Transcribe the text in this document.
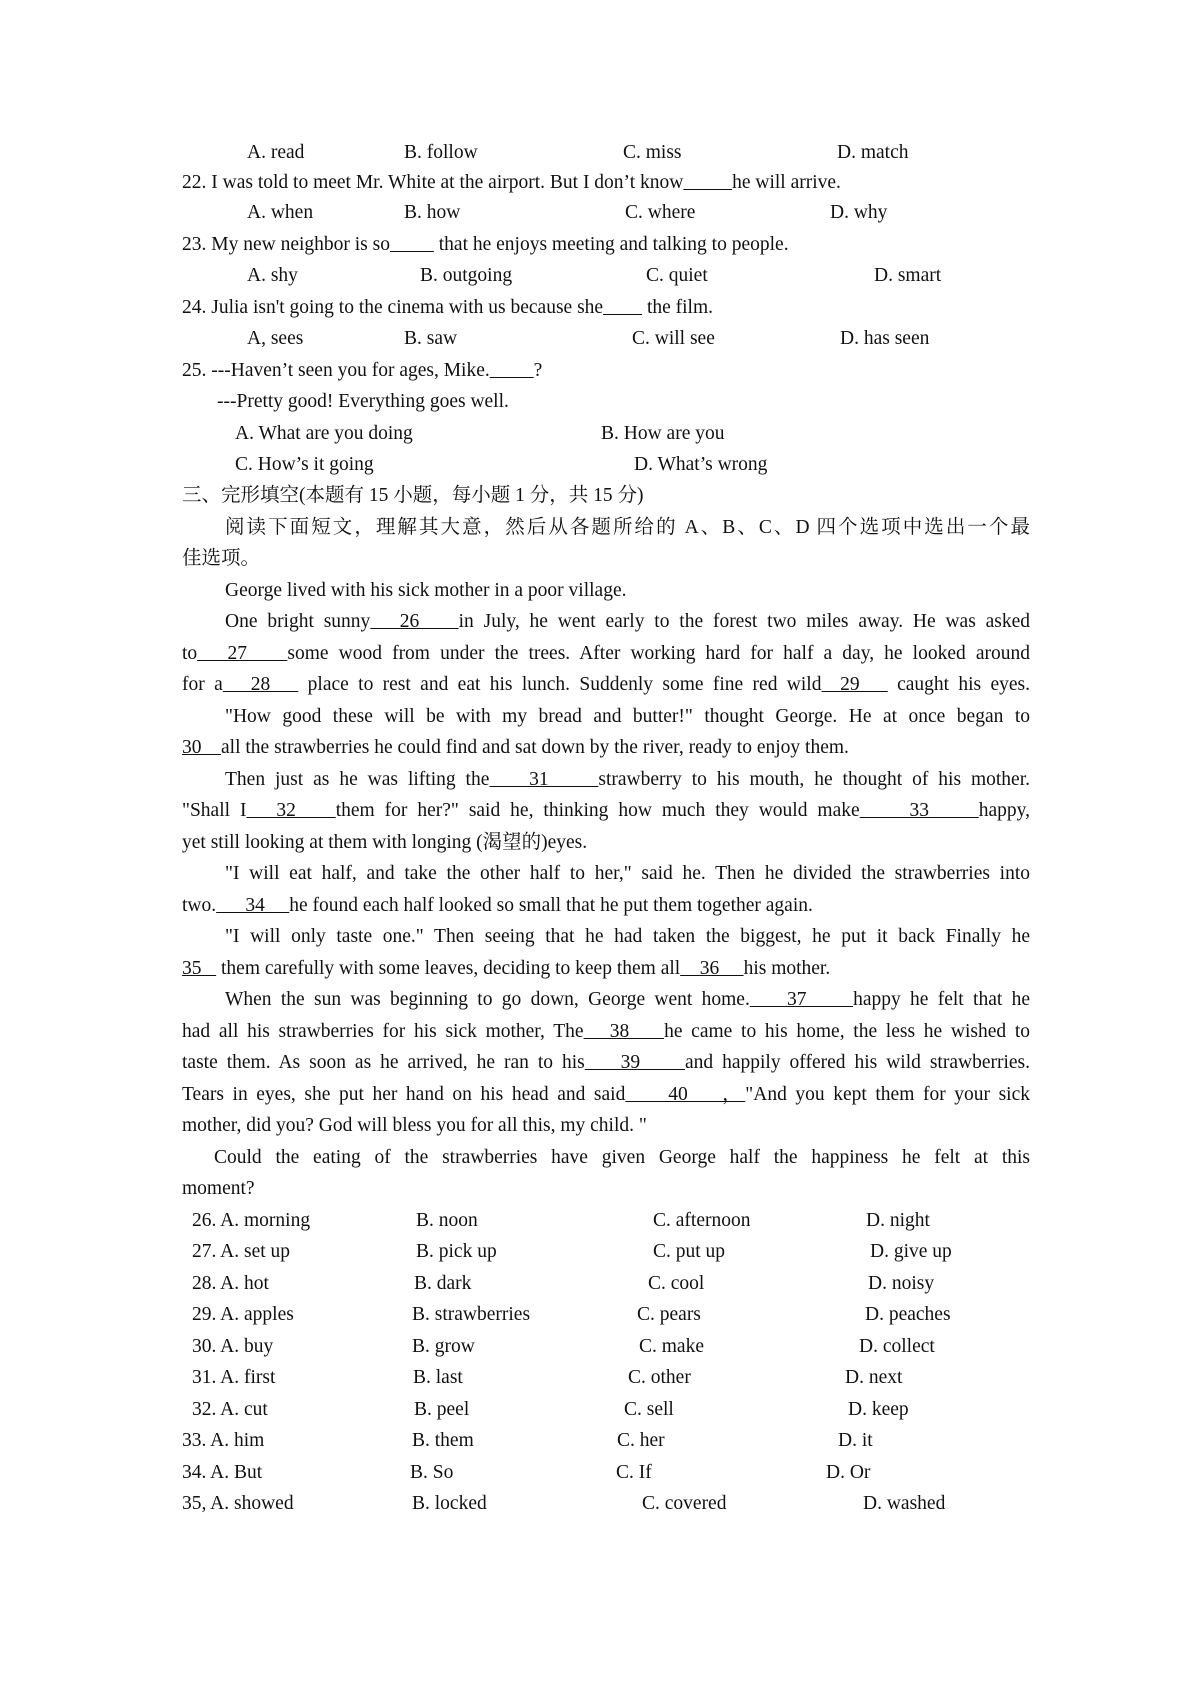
A. read	B. follow	C. miss	D. match
22. I was told to meet Mr. White at the airport. But I don’t know	he will arrive.
A. when	B. how	C. where	D. why
23. My new neighbor is so          that he enjoys meeting and talking to people.
A. shy	B. outgoing	C. quiet	D. smart
24. Julia isn't going to the cinema with us because she         the film.
A, sees	B. saw	C. will see	D. has seen
25. ---Haven’t seen you for ages, Mike. ?
---Pretty good! Everything goes well.
A. What are you doing	B. How are you
C. How’s it going	D. What’s wrong
三、完形填空(本题有 15 小题，每小题 1 分，共 15 分)
阅读下面短文，理解其大意，然后从各题所给的 A、B、C、D 四个选项中选出一个最
佳选项。
George lived with his sick mother in a poor village.
One bright sunny   26    in July, he went early to the forest two miles away. He was asked
to   27    some wood from under the trees. After working hard for half a day, he looked around
for a   28    place to rest and eat his lunch. Suddenly some fine red wild  29    caught his eyes.
"How good these will be with my bread and butter!" thought George. He at once began to
30    all the strawberries he could find and sat down by the river, ready to enjoy them.
Then just as he was lifting the    31     strawberry to his mouth, he thought of his mother.
"Shall I   32    them for her?" said he, thinking how much they would make     33     happy,
yet still looking at them with longing (渴望的)eyes.
"I will eat half, and take the other half to her," said he. Then he divided the strawberries into
two.      34     he found each half looked so small that he put them together again.
"I will only taste one." Then seeing that he had taken the biggest, he put it back Finally he
35    them carefully with some leaves, deciding to keep them all    36     his mother.
When the sun was beginning to go down, George went home.    37     happy he felt that he
had all his strawberries for his sick mother, The   38    he came to his home, the less he wished to
taste them. As soon as he arrived, he ran to his    39     and happily offered his wild strawberries.
Tears in eyes, she put her hand on his head and said     40    ，"And you kept them for your sick
mother, did you? God will bless you for all this, my child. "
Could the eating of the strawberries have given George half the happiness he felt at this
moment?
26. A. morning	B. noon	C. afternoon	D. night
27. A. set up	B. pick up	C. put up	D. give up
28. A. hot	B. dark	C. cool	D. noisy
29. A. apples	B. strawberries	C. pears	D. peaches
30. A. buy	B. grow	C. make	D. collect
31. A. first	B. last	C. other	D. next
32. A. cut	B. peel	C. sell	D. keep
33. A. him	B. them	C. her	D. it
34. A. But	B. So	C. If	D. Or
35, A. showed	B. locked	C. covered	D. washed
